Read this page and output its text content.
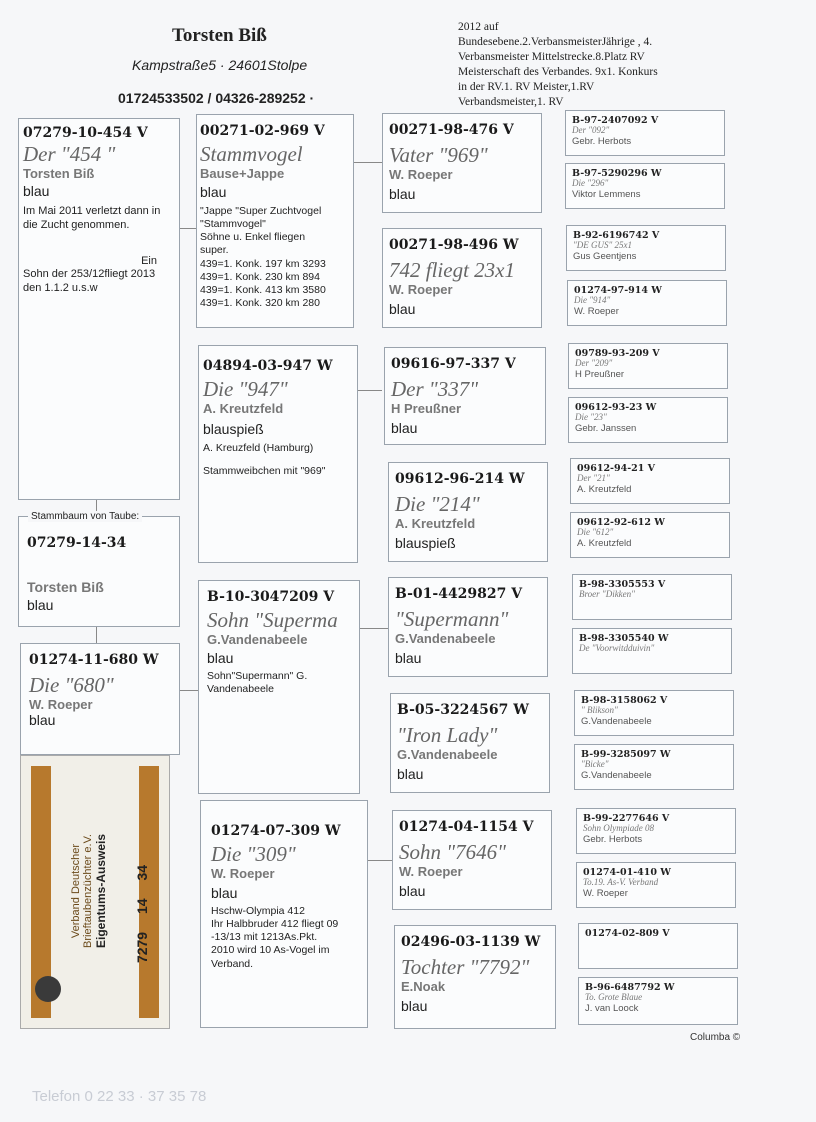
Torsten Biß
Kampstraße5 · 24601Stolpe
01724533502 / 04326-289252 ·
2012 auf
Bundesebene.2.VerbansmeisterJährige , 4.
Verbansmeister Mittelstrecke.8.Platz RV
Meisterschaft des Verbandes. 9x1. Konkurs
in der RV.1. RV Meister,1.RV
Verbandsmeister,1. RV
07279-10-454 V
Der "454 "
Torsten Biß
blau
Im Mai 2011 verletzt dann in die Zucht genommen.
Ein
Sohn der 253/12fliegt 2013 den 1.1.2 u.s.w
07279-14-34
Torsten Biß
blau
Stammbaum von Taube:
01274-11-680 W
Die "680"
W. Roeper
blau
Verband Deutscher Brieftaubenzüchter e.V. Eigentums-Ausweis 7279 14 34
00271-02-969 V
Stammvogel
Bause+Jappe
blau
"Jappe "Super Zuchtvogel
"Stammvogel"
Söhne u. Enkel fliegen
super.
439=1. Konk. 197 km 3293
439=1. Konk. 230 km 894
439=1. Konk. 413 km 3580
439=1. Konk. 320 km 280
04894-03-947 W
Die "947"
A. Kreutzfeld
blauspieß
A. Kreuzfeld (Hamburg)
Stammweibchen mit "969"
B-10-3047209 V
Sohn "Superma
G.Vandenabeele
blau
Sohn"Supermann" G.
Vandenabeele
01274-07-309 W
Die "309"
W. Roeper
blau
Hschw-Olympia 412
Ihr Halbbruder 412 fliegt 09
-13/13 mit 1213As.Pkt.
2010 wird 10 As-Vogel im
Verband.
00271-98-476 V
Vater "969"
W. Roeper
blau
00271-98-496 W
742 fliegt 23x1
W. Roeper
blau
09616-97-337 V
Der "337"
H Preußner
blau
09612-96-214 W
Die "214"
A. Kreutzfeld
blauspieß
B-01-4429827 V
"Supermann"
G.Vandenabeele
blau
B-05-3224567 W
"Iron Lady"
G.Vandenabeele
blau
01274-04-1154 V
Sohn "7646"
W. Roeper
blau
02496-03-1139 W
Tochter "7792"
E.Noak
blau
B-97-2407092 V
Der "092"
Gebr. Herbots
B-97-5290296 W
Die "296"
Viktor Lemmens
B-92-6196742 V
"DE GUS" 25x1
Gus Geentjens
01274-97-914 W
Die "914"
W. Roeper
09789-93-209 V
Der "209"
H Preußner
09612-93-23 W
Die "23"
Gebr. Janssen
09612-94-21 V
Der "21"
A. Kreutzfeld
09612-92-612 W
Die "612"
A. Kreutzfeld
B-98-3305553 V
Broer "Dikken"
B-98-3305540 W
De "Voorwitdduivin"
B-98-3158062 V
" Blikson"
G.Vandenabeele
B-99-3285097 W
"Bicke"
G.Vandenabeele
B-99-2277646 V
Sohn Olympiade 08
Gebr. Herbots
01274-01-410 W
To.19. As-V. Verband
W. Roeper
01274-02-809 V
B-96-6487792 W
To. Grote Blaue
J. van Loock
Columba ©
Telefon 0 22 33 · 37 35 78
